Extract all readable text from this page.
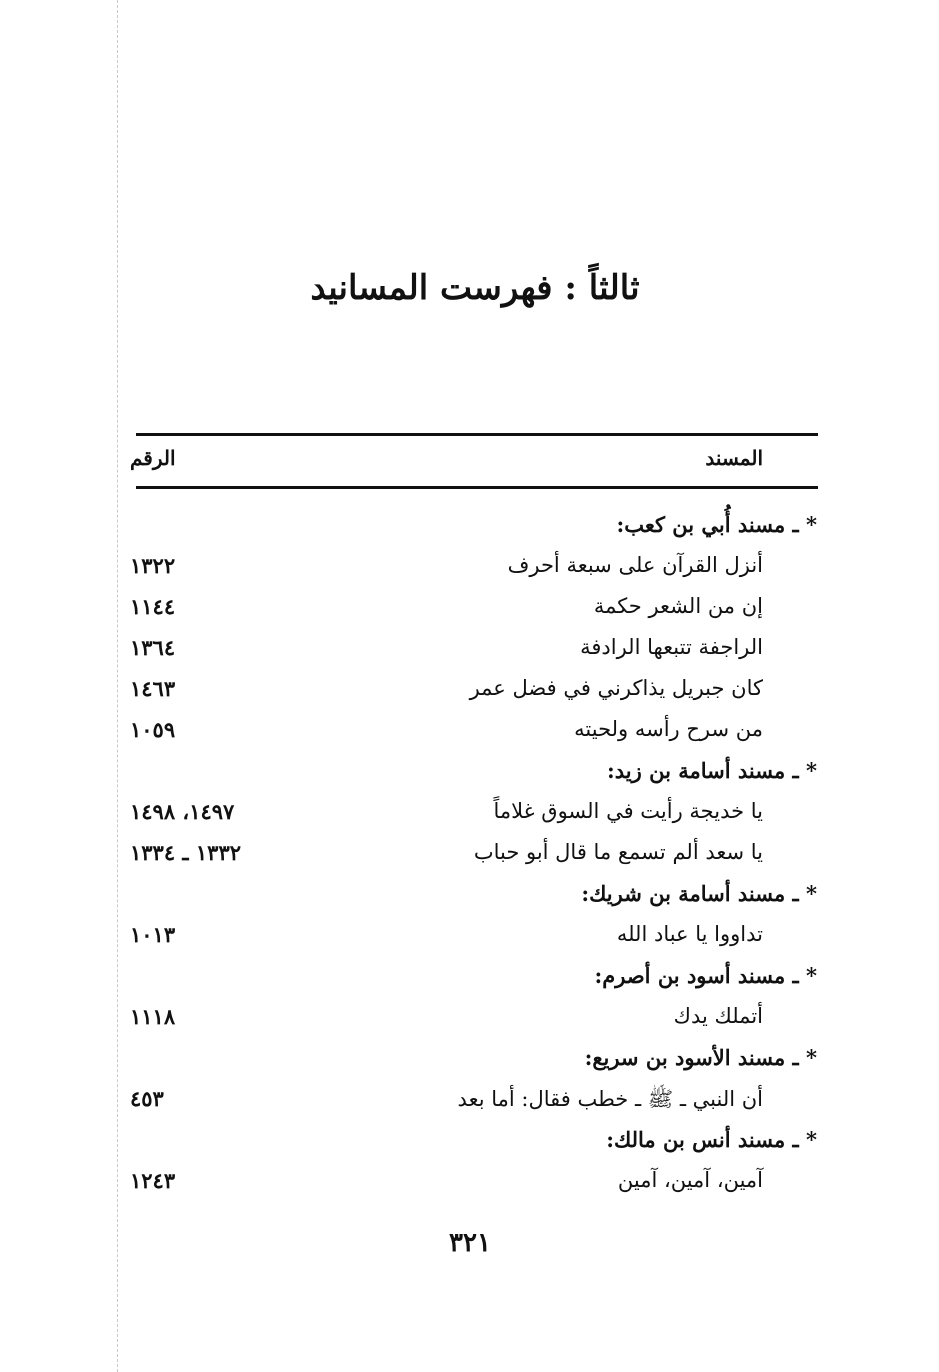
ثالثاً : فهرست المسانيد
المسند
الرقم
* ـ مسند أُبي بن كعب:
أنزل القرآن على سبعة أحرف
١٣٢٢
إن من الشعر حكمة
١١٤٤
الراجفة تتبعها الرادفة
١٣٦٤
كان جبريل يذاكرني في فضل عمر
١٤٦٣
من سرح رأسه ولحيته
١٠٥٩
* ـ مسند أسامة بن زيد:
يا خديجة رأيت في السوق غلاماً
١٤٩٧، ١٤٩٨
يا سعد ألم تسمع ما قال أبو حباب
١٣٣٢ ـ ١٣٣٤
* ـ مسند أسامة بن شريك:
تداووا يا عباد الله
١٠١٣
* ـ مسند أسود بن أصرم:
أتملك يدك
١١١٨
* ـ مسند الأسود بن سريع:
أن النبي ـ ﷺ ـ خطب فقال: أما بعد
٤٥٣
* ـ مسند أنس بن مالك:
آمين، آمين، آمين
١٢٤٣
٣٢١
